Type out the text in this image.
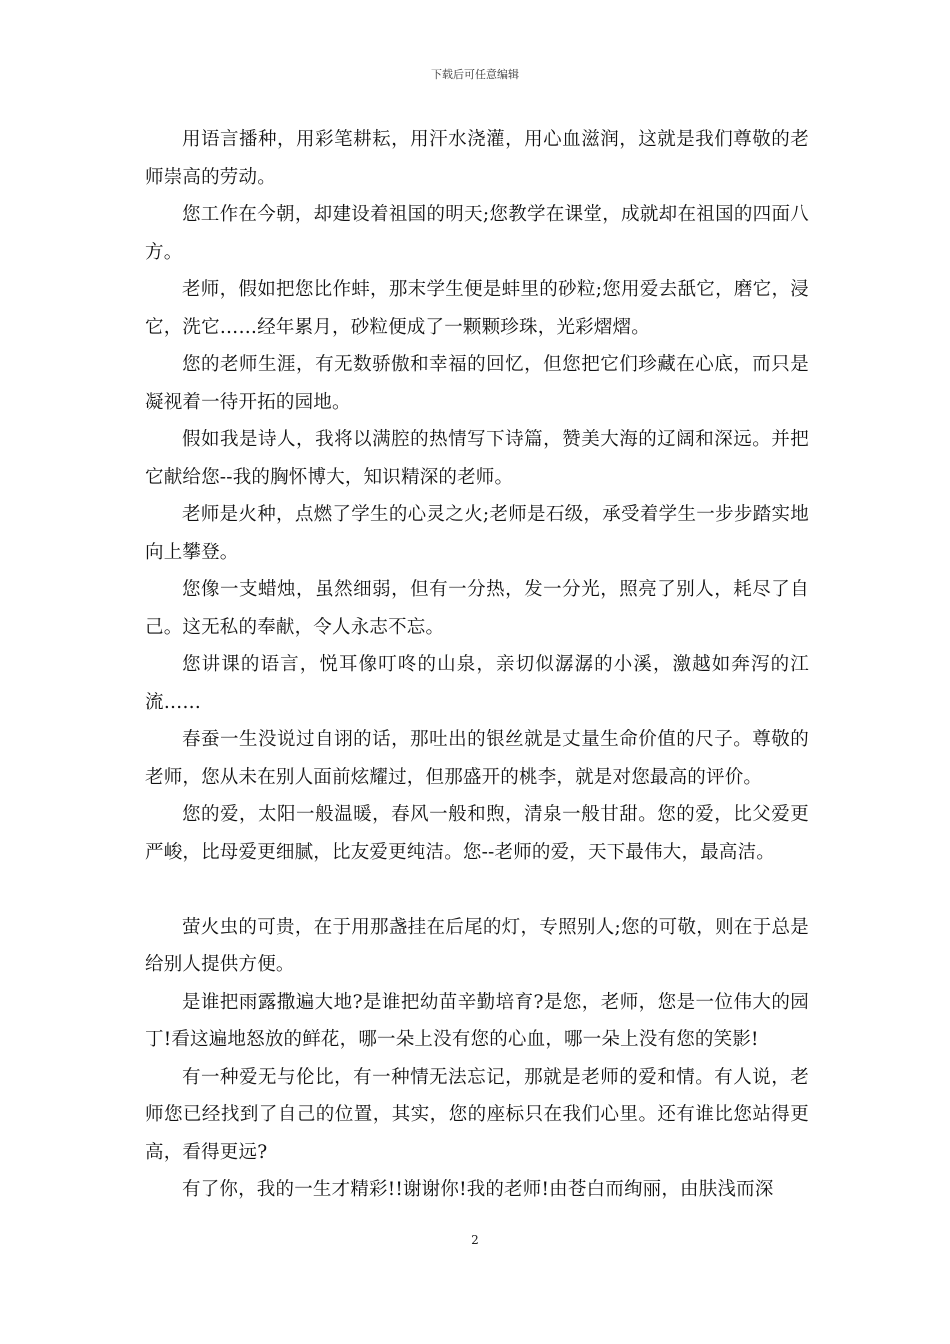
下载后可任意编辑

用语言播种，用彩笔耕耘，用汗水浇灌，用心血滋润，这就是我们尊敬的老师崇高的劳动。

您工作在今朝，却建设着祖国的明天;您教学在课堂，成就却在祖国的四面八方。

老师，假如把您比作蚌，那末学生便是蚌里的砂粒;您用爱去舐它，磨它，浸它，洗它……经年累月，砂粒便成了一颗颗珍珠，光彩熠熠。

您的老师生涯，有无数骄傲和幸福的回忆，但您把它们珍藏在心底，而只是凝视着一待开拓的园地。

假如我是诗人，我将以满腔的热情写下诗篇，赞美大海的辽阔和深远。并把它献给您--我的胸怀博大，知识精深的老师。

老师是火种，点燃了学生的心灵之火;老师是石级，承受着学生一步步踏实地向上攀登。

您像一支蜡烛，虽然细弱，但有一分热，发一分光，照亮了别人，耗尽了自己。这无私的奉献，令人永志不忘。

您讲课的语言，悦耳像叮咚的山泉，亲切似潺潺的小溪，激越如奔泻的江流……

春蚕一生没说过自诩的话，那吐出的银丝就是丈量生命价值的尺子。尊敬的老师，您从未在别人面前炫耀过，但那盛开的桃李，就是对您最高的评价。

您的爱，太阳一般温暖，春风一般和煦，清泉一般甘甜。您的爱，比父爱更严峻，比母爱更细腻，比友爱更纯洁。您--老师的爱，天下最伟大，最高洁。

萤火虫的可贵，在于用那盏挂在后尾的灯，专照别人;您的可敬，则在于总是给别人提供方便。

是谁把雨露撒遍大地?是谁把幼苗辛勤培育?是您，老师，您是一位伟大的园丁!看这遍地怒放的鲜花，哪一朵上没有您的心血，哪一朵上没有您的笑影!

有一种爱无与伦比，有一种情无法忘记，那就是老师的爱和情。有人说，老师您已经找到了自己的位置，其实，您的座标只在我们心里。还有谁比您站得更高，看得更远?

有了你，我的一生才精彩!!谢谢你!我的老师!由苍白而绚丽，由肤浅而深

2
